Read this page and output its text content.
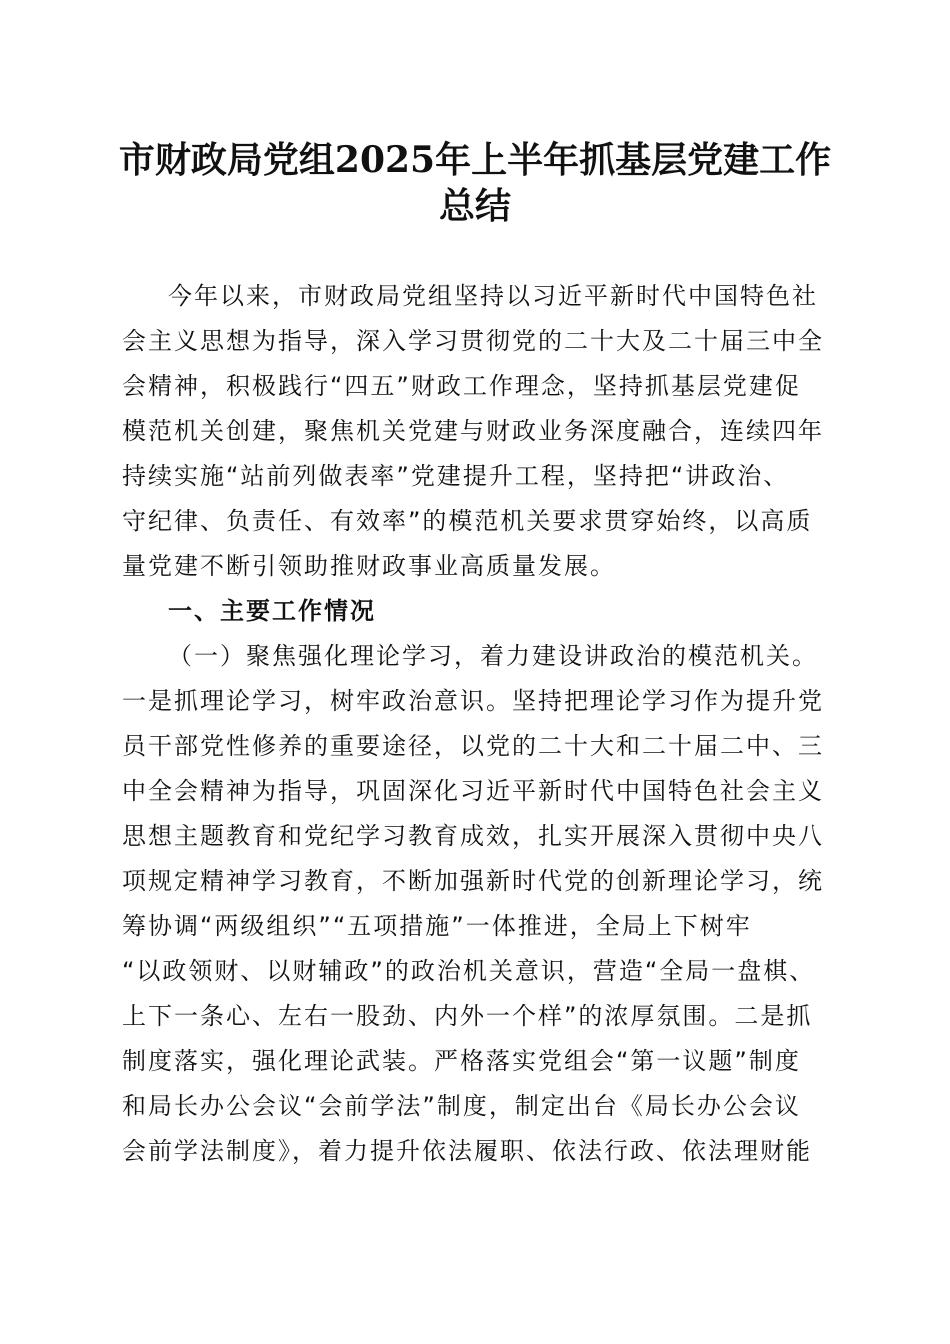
市财政局党组2025年上半年抓基层党建工作
总结
今年以来，市财政局党组坚持以习近平新时代中国特色社
会主义思想为指导，深入学习贯彻党的二十大及二十届三中全
会精神，积极践行“四五”财政工作理念，坚持抓基层党建促
模范机关创建，聚焦机关党建与财政业务深度融合，连续四年
持续实施“站前列做表率”党建提升工程，坚持把“讲政治、
守纪律、负责任、有效率”的模范机关要求贯穿始终，以高质
量党建不断引领助推财政事业高质量发展。
一、主要工作情况
（一）聚焦强化理论学习，着力建设讲政治的模范机关。
一是抓理论学习，树牢政治意识。坚持把理论学习作为提升党
员干部党性修养的重要途径，以党的二十大和二十届二中、三
中全会精神为指导，巩固深化习近平新时代中国特色社会主义
思想主题教育和党纪学习教育成效，扎实开展深入贯彻中央八
项规定精神学习教育，不断加强新时代党的创新理论学习，统
筹协调“两级组织”“五项措施”一体推进，全局上下树牢
“以政领财、以财辅政”的政治机关意识，营造“全局一盘棋、
上下一条心、左右一股劲、内外一个样”的浓厚氛围。二是抓
制度落实，强化理论武装。严格落实党组会“第一议题”制度
和局长办公会议“会前学法”制度，制定出台《局长办公会议
会前学法制度》，着力提升依法履职、依法行政、依法理财能
